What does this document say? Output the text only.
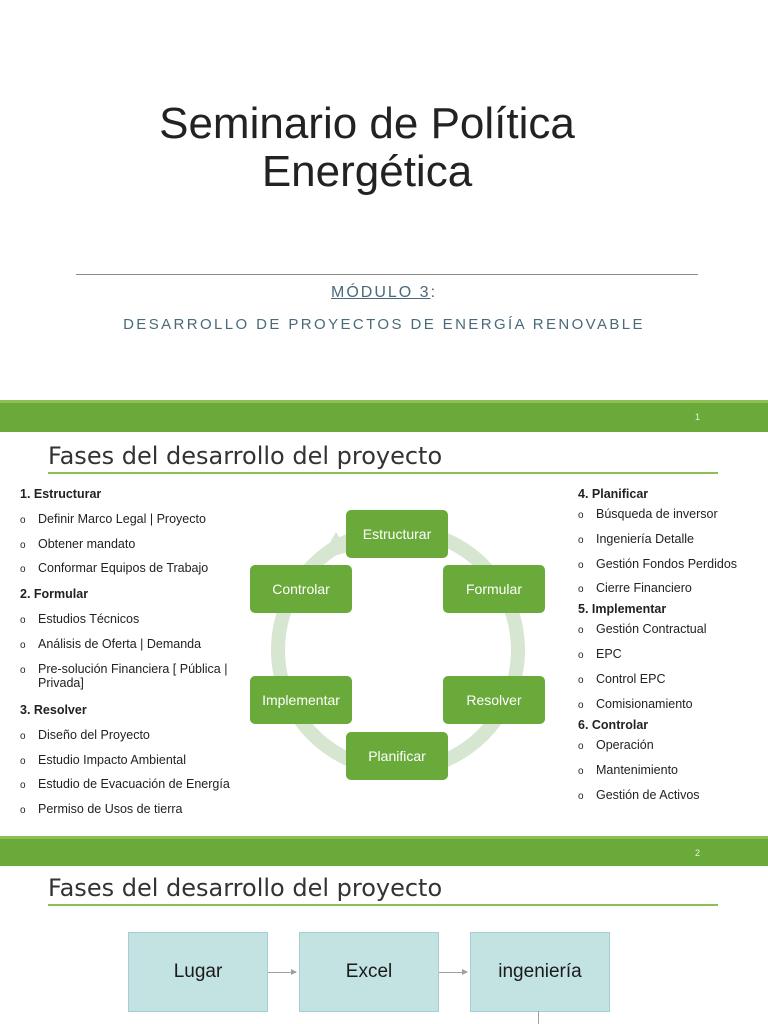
Seminario de Política
Energética
MÓDULO 3:
DESARROLLO DE PROYECTOS DE ENERGÍA RENOVABLE
1
Fases del desarrollo del proyecto
1. Estructurar
o Definir Marco Legal | Proyecto
o Obtener mandato
o Conformar Equipos de Trabajo
2. Formular
o Estudios Técnicos
o Análisis de Oferta | Demanda
o Pre-solución Financiera [ Pública | Privada]
3. Resolver
o Diseño del Proyecto
o Estudio Impacto Ambiental
o Estudio de Evacuación de Energía
o Permiso de Usos de tierra
4. Planificar
o Búsqueda de inversor
o Ingeniería Detalle
o Gestión Fondos Perdidos
o Cierre Financiero
5. Implementar
o Gestión Contractual
o EPC
o Control EPC
o Comisionamiento
6. Controlar
o Operación
o Mantenimiento
o Gestión de Activos
Estructurar
Formular
Resolver
Planificar
Implementar
Controlar
2
Fases del desarrollo del proyecto
Lugar	Excel	ingeniería
